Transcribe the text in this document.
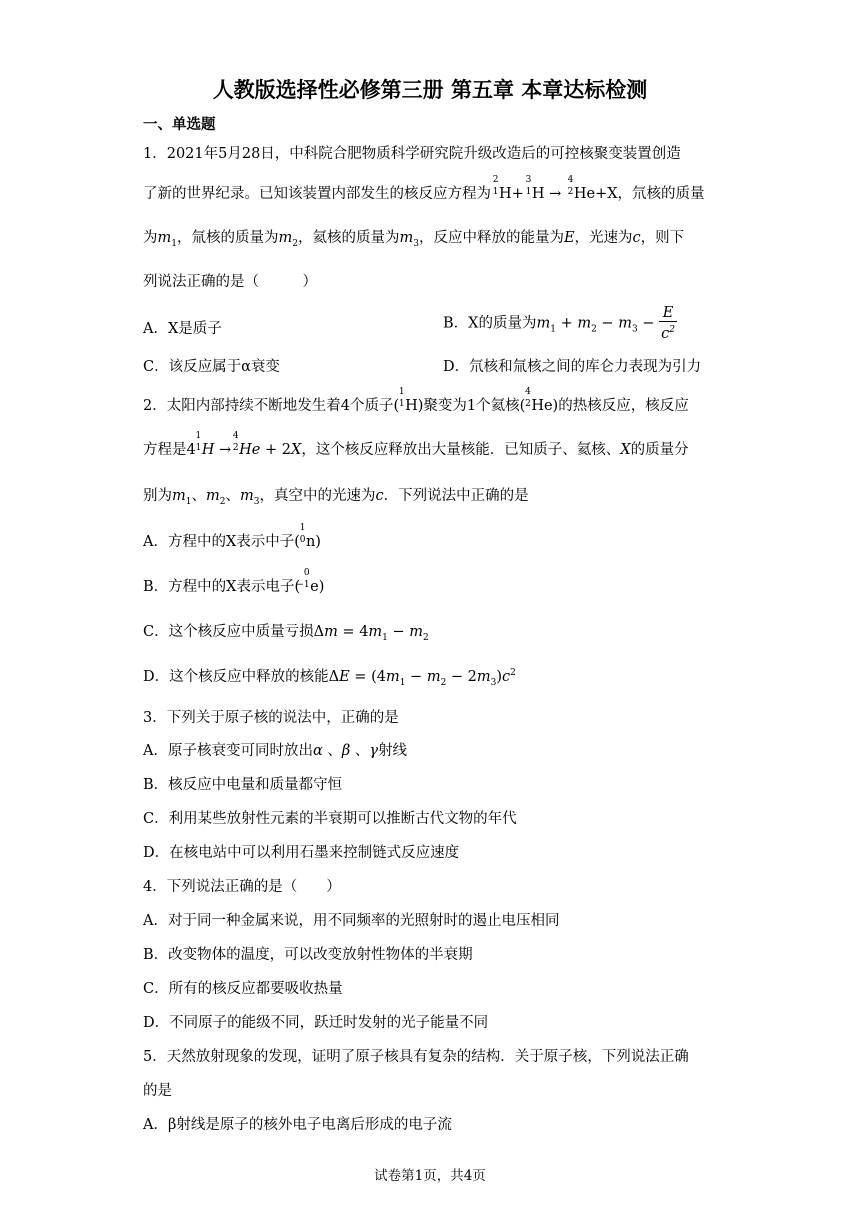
人教版选择性必修第三册 第五章 本章达标检测
一、单选题
1．2021年5月28日，中科院合肥物质科学研究院升级改造后的可控核聚变装置创造
了新的世界纪录。已知该装置内部发生的核反应方程为
2
1 H+
3
1 H →
4
2 He+X，氘核的质量
为$m_1$，氚核的质量为$m_2$，氦核的质量为$m_3$，反应中释放的能量为E，光速为c，则下
列说法正确的是（　　　）
A．X是质子	B．X的质量为$m_1 + m_2 - m_3 - \frac{E}{c^2}$
C．该反应属于α衰变	D．氘核和氚核之间的库仑力表现为引力
2．太阳内部持续不断地发生着4个质子(
1
1 H)聚变为1个氦核(
4
2 He)的热核反应，核反应
方程是4
1
1 H →
4
2 He + 2X，这个核反应释放出大量核能．已知质子、氦核、X的质量分
别为$m_1$、$m_2$、$m_3$，真空中的光速为c．下列说法中正确的是
A．方程中的X表示中子(
1
0 n)
B．方程中的X表示电子(
0
−1 e)
C．这个核反应中质量亏损$\Delta m = 4m_1 - m_2$
D．这个核反应中释放的核能$\Delta E = (4m_1 - m_2 - 2m_3)c^2$
3．下列关于原子核的说法中，正确的是
A．原子核衰变可同时放出α 、β 、γ射线
B．核反应中电量和质量都守恒
C．利用某些放射性元素的半衰期可以推断古代文物的年代
D．在核电站中可以利用石墨来控制链式反应速度
4．下列说法正确的是（　　）
A．对于同一种金属来说，用不同频率的光照射时的遏止电压相同
B．改变物体的温度，可以改变放射性物体的半衰期
C．所有的核反应都要吸收热量
D．不同原子的能级不同，跃迁时发射的光子能量不同
5．天然放射现象的发现，证明了原子核具有复杂的结构．关于原子核，下列说法正确
的是
A．β射线是原子的核外电子电离后形成的电子流
试卷第1页，共4页
